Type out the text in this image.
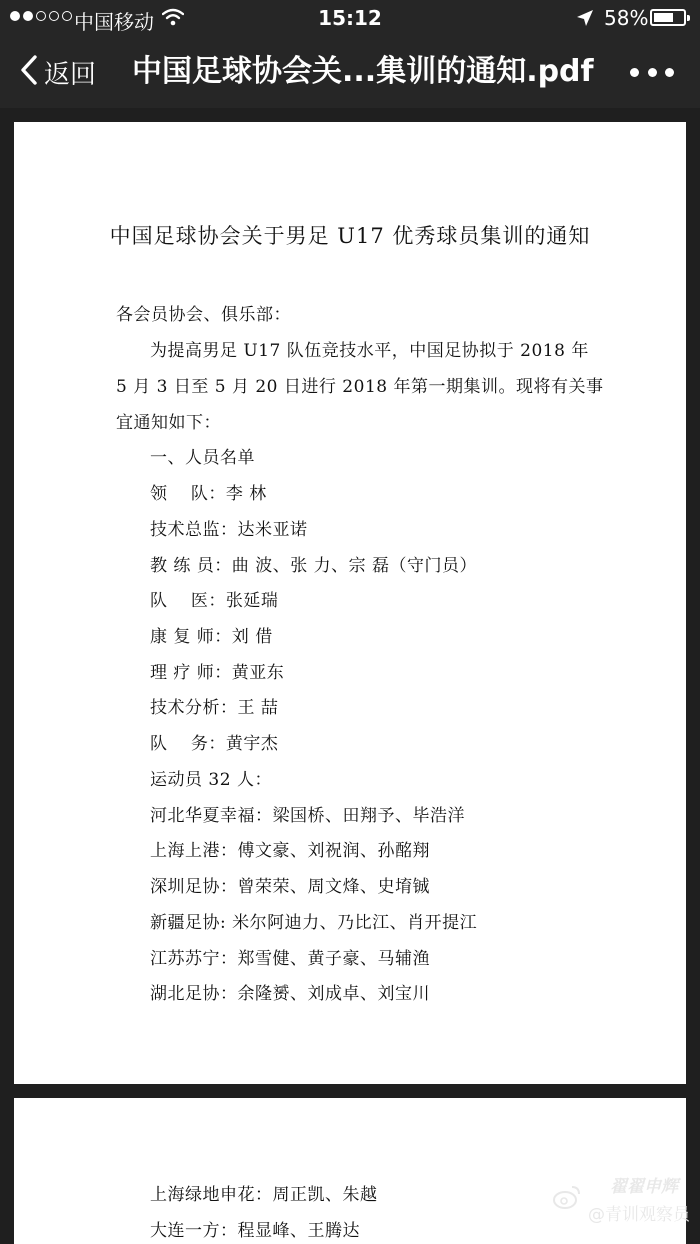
中国移动	15:12	58%
返回 中国足球协会关...集训的通知.pdf
中国足球协会关于男足 U17 优秀球员集训的通知
各会员协会、俱乐部：
为提高男足 U17 队伍竞技水平，中国足协拟于 2018 年
5 月 3 日至 5 月 20 日进行 2018 年第一期集训。现将有关事
宜通知如下：
一、人员名单
领　 队：李 林
技术总监：达米亚诺
教 练 员：曲 波、张 力、宗 磊（守门员）
队　 医：张延瑞
康 复 师：刘 借
理 疗 师：黄亚东
技术分析：王 喆
队　 务：黄宇杰
运动员 32 人：
河北华夏幸福：梁国桥、田翔予、毕浩洋
上海上港：傅文豪、刘祝润、孙酩翔
深圳足协：曾荣荣、周文烽、史堉铖
新疆足协: 米尔阿迪力、乃比江、肖开提江
江苏苏宁：郑雪健、黄子豪、马辅渔
湖北足协：余隆赟、刘成卓、刘宝川
上海绿地申花：周正凯、朱越
大连一方：程显峰、王腾达
翟翟申辉
@青训观察员
